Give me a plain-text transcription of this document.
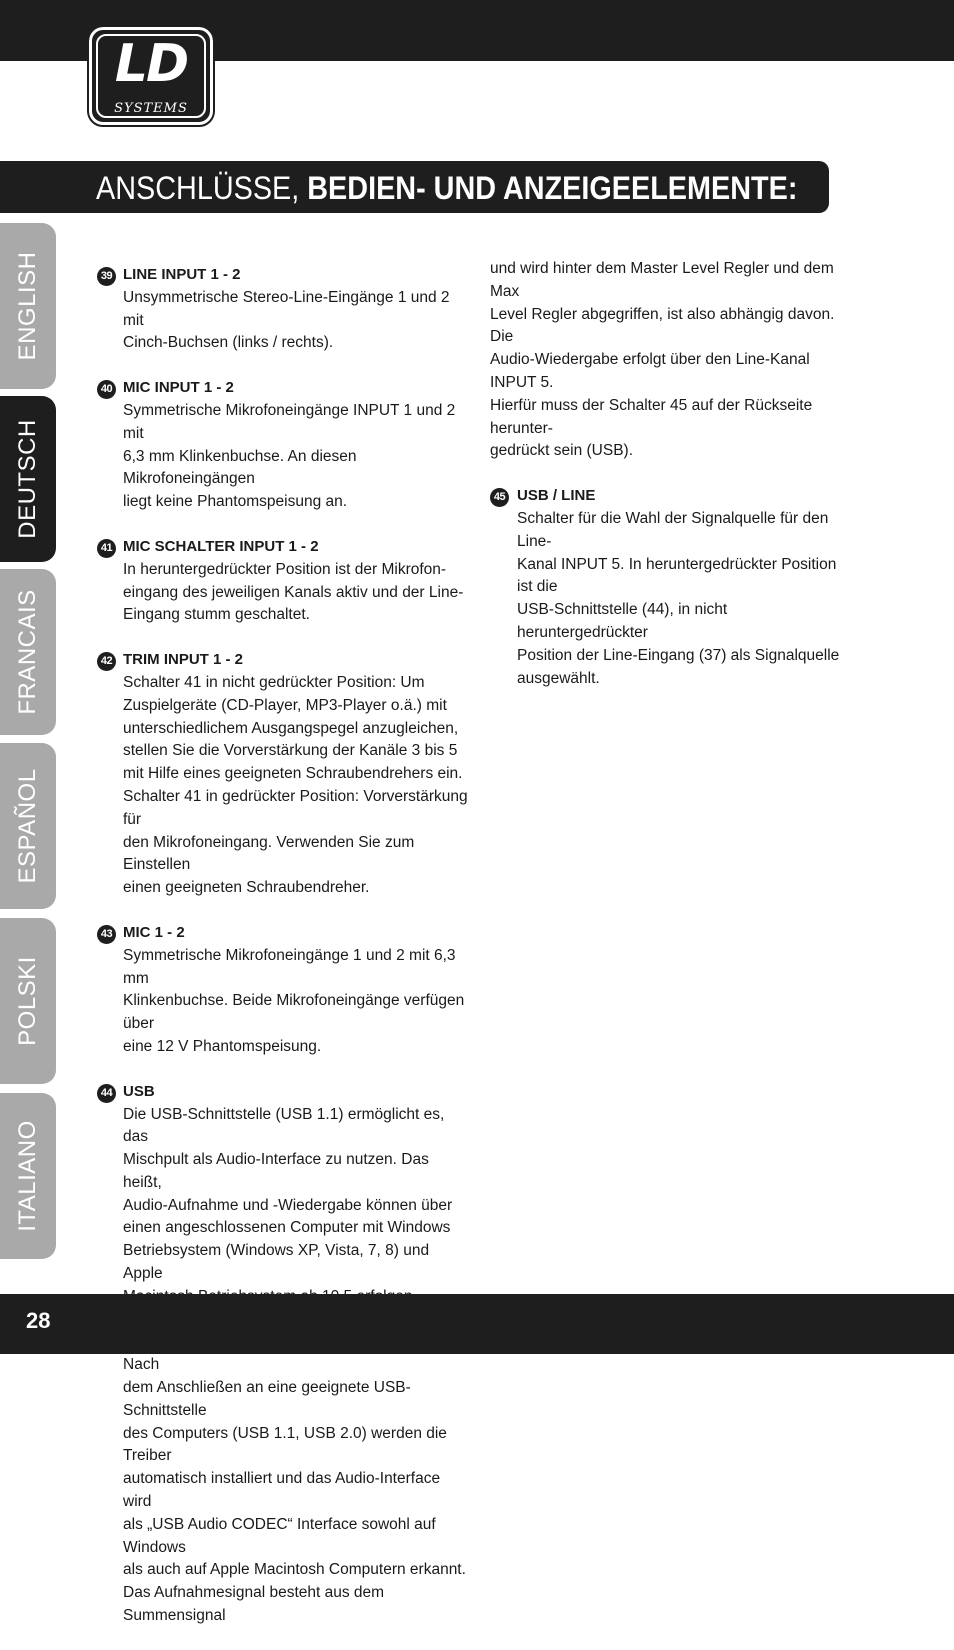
LD
SYSTEMS
ANSCHLÜSSE, BEDIEN- UND ANZEIGEELEMENTE:
ENGLISH
DEUTSCH
FRANCAIS
ESPAÑOL
POLSKI
ITALIANO
39 LINE INPUT 1 - 2
Unsymmetrische Stereo-Line-Eingänge 1 und 2 mit
Cinch-Buchsen (links / rechts).
40 MIC INPUT 1 - 2
Symmetrische Mikrofoneingänge INPUT 1 und 2 mit
6,3 mm Klinkenbuchse. An diesen Mikrofoneingängen
liegt keine Phantomspeisung an.
41 MIC SCHALTER INPUT 1 - 2
In heruntergedrückter Position ist der Mikrofon-
eingang des jeweiligen Kanals aktiv und der Line-
Eingang stumm geschaltet.
42 TRIM INPUT 1 - 2
Schalter 41 in nicht gedrückter Position: Um
Zuspielgeräte (CD-Player, MP3-Player o.ä.) mit
unterschiedlichem Ausgangspegel anzugleichen,
stellen Sie die Vorverstärkung der Kanäle 3 bis 5
mit Hilfe eines geeigneten Schraubendrehers ein.
Schalter 41 in gedrückter Position: Vorverstärkung für
den Mikrofoneingang. Verwenden Sie zum Einstellen
einen geeigneten Schraubendreher.
43 MIC 1 - 2
Symmetrische Mikrofoneingänge 1 und 2 mit 6,3 mm
Klinkenbuchse. Beide Mikrofoneingänge verfügen über
eine 12 V Phantomspeisung.
44 USB
Die USB-Schnittstelle (USB 1.1) ermöglicht es, das
Mischpult als Audio-Interface zu nutzen. Das heißt,
Audio-Aufnahme und -Wiedergabe können über
einen angeschlossenen Computer mit Windows
Betriebsystem (Windows XP, Vista, 7, 8) und Apple

Nach
dem Anschließen an eine geeignete USB-Schnittstelle
des Computers (USB 1.1, USB 2.0) werden die Treiber
automatisch installiert und das Audio-Interface wird
als „USB Audio CODEC“ Interface sowohl auf Windows
als auch auf Apple Macintosh Computern erkannt.
Das Aufnahmesignal besteht aus dem Summensignal
und wird hinter dem Master Level Regler und dem Max
Level Regler abgegriffen, ist also abhängig davon. Die
Audio-Wiedergabe erfolgt über den Line-Kanal INPUT 5.
Hierfür muss der Schalter 45 auf der Rückseite herunter-
gedrückt sein (USB).
45 USB / LINE
Schalter für die Wahl der Signalquelle für den Line-
Kanal INPUT 5. In heruntergedrückter Position ist die
USB-Schnittstelle (44), in nicht heruntergedrückter
Position der Line-Eingang (37) als Signalquelle
ausgewählt.
28
